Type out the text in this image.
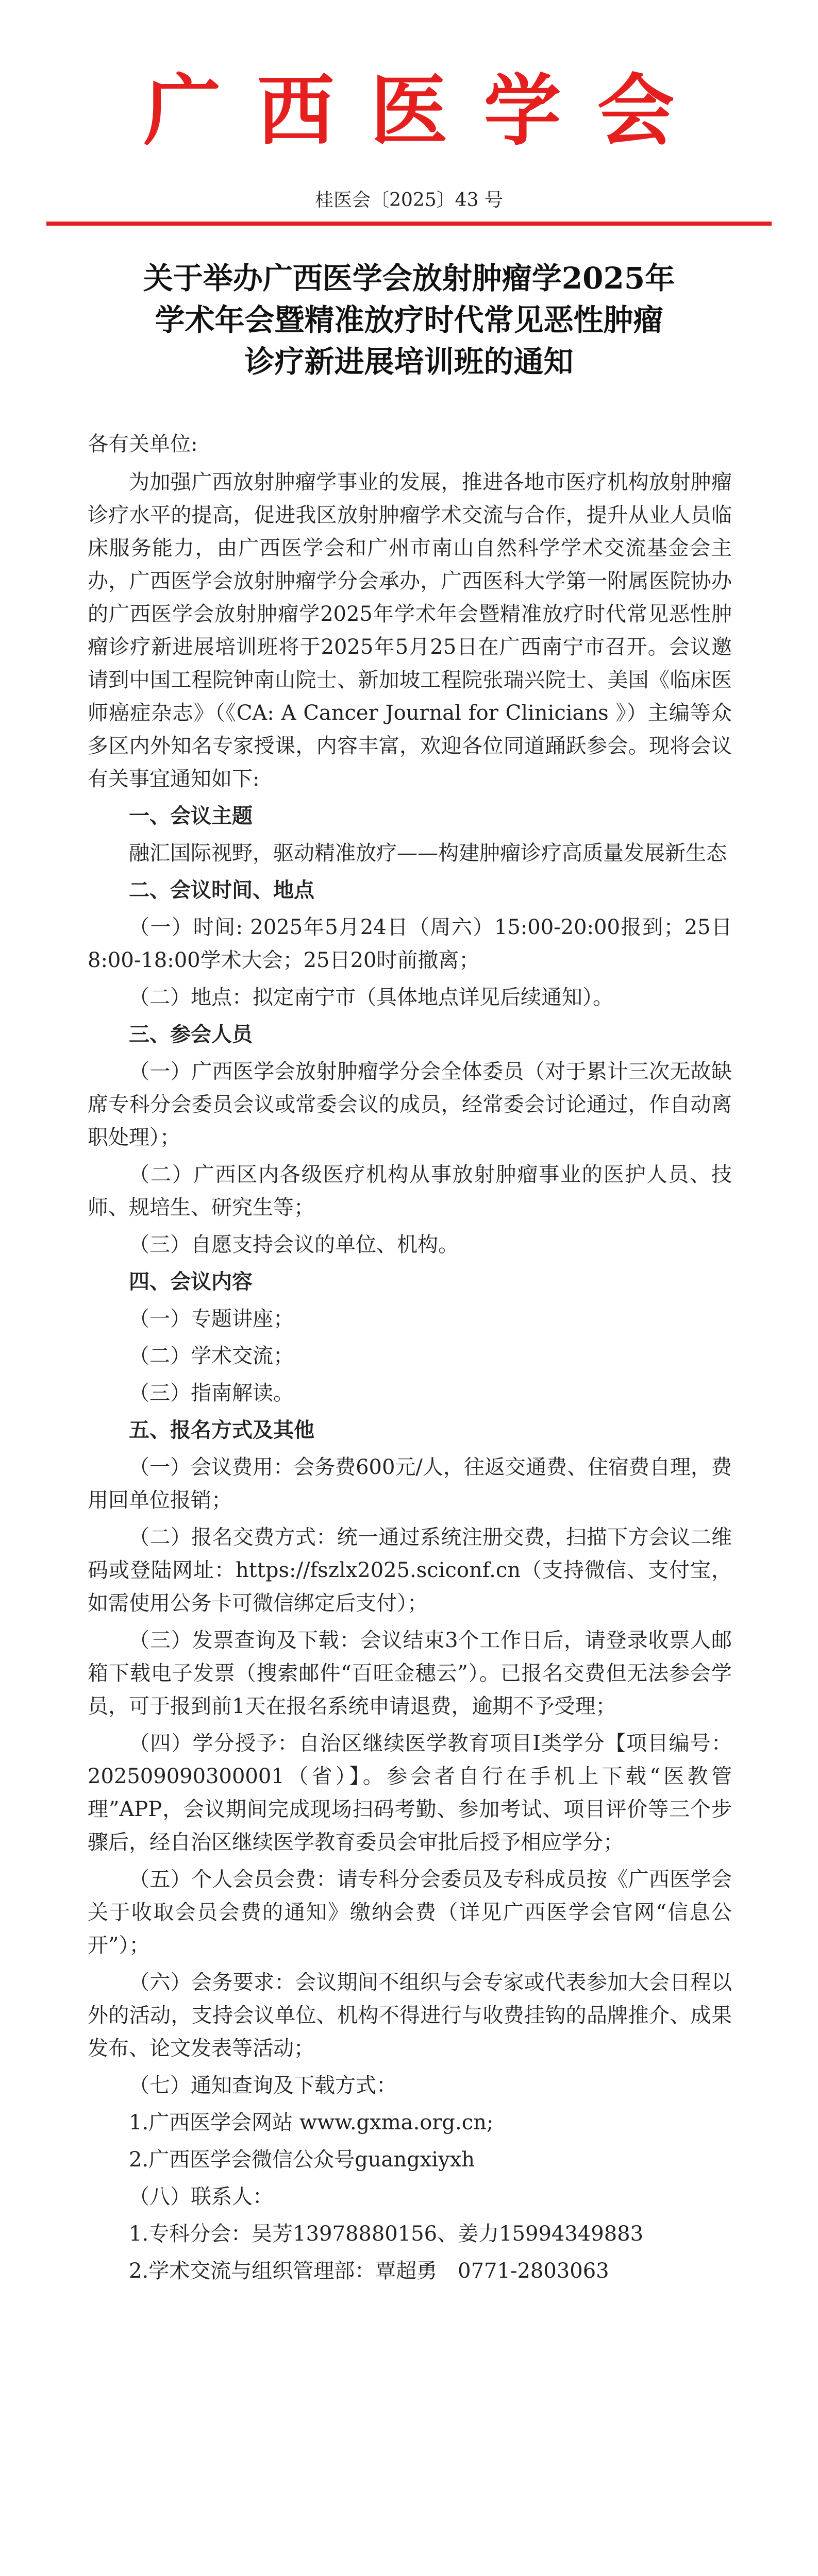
广西医学会
桂医会〔2025〕43 号
关于举办广西医学会放射肿瘤学2025年
学术年会暨精准放疗时代常见恶性肿瘤
诊疗新进展培训班的通知

各有关单位:

为加强广西放射肿瘤学事业的发展，推进各地市医疗机构放射肿瘤诊疗水平的提高，促进我区放射肿瘤学术交流与合作，提升从业人员临床服务能力，由广西医学会和广州市南山自然科学学术交流基金会主办，广西医学会放射肿瘤学分会承办，广西医科大学第一附属医院协办的广西医学会放射肿瘤学2025年学术年会暨精准放疗时代常见恶性肿瘤诊疗新进展培训班将于2025年5月25日在广西南宁市召开。会议邀请到中国工程院钟南山院士、新加坡工程院张瑞兴院士、美国《临床医师癌症杂志》（《CA: A Cancer Journal for Clinicians 》）主编等众多区内外知名专家授课，内容丰富，欢迎各位同道踊跃参会。现将会议有关事宜通知如下:

一、会议主题

融汇国际视野，驱动精准放疗——构建肿瘤诊疗高质量发展新生态

二、会议时间、地点

（一）时间: 2025年5月24日（周六）15:00-20:00报到；25日8:00-18:00学术大会；25日20时前撤离；

（二）地点：拟定南宁市（具体地点详见后续通知）。

三、参会人员

（一）广西医学会放射肿瘤学分会全体委员（对于累计三次无故缺席专科分会委员会议或常委会议的成员，经常委会讨论通过，作自动离职处理）；

（二）广西区内各级医疗机构从事放射肿瘤事业的医护人员、技师、规培生、研究生等；

（三）自愿支持会议的单位、机构。

四、会议内容

（一）专题讲座；

（二）学术交流；

（三）指南解读。

五、报名方式及其他

（一）会议费用：会务费600元/人，往返交通费、住宿费自理，费用回单位报销；

（二）报名交费方式：统一通过系统注册交费，扫描下方会议二维码或登陆网址：https://fszlx2025.sciconf.cn（支持微信、支付宝，如需使用公务卡可微信绑定后支付）；

（三）发票查询及下载：会议结束3个工作日后，请登录收票人邮箱下载电子发票（搜索邮件“百旺金穗云”）。已报名交费但无法参会学员，可于报到前1天在报名系统申请退费，逾期不予受理；

（四）学分授予：自治区继续医学教育项目I类学分【项目编号：202509090300001（省）】。参会者自行在手机上下载“医教管理”APP，会议期间完成现场扫码考勤、参加考试、项目评价等三个步骤后，经自治区继续医学教育委员会审批后授予相应学分；

（五）个人会员会费：请专科分会委员及专科成员按《广西医学会关于收取会员会费的通知》缴纳会费（详见广西医学会官网“信息公开”）；

（六）会务要求：会议期间不组织与会专家或代表参加大会日程以外的活动，支持会议单位、机构不得进行与收费挂钩的品牌推介、成果发布、论文发表等活动；

（七）通知查询及下载方式：

1.广西医学会网站 www.gxma.org.cn;

2.广西医学会微信公众号guangxiyxh

（八）联系人：

1.专科分会：吴芳13978880156、姜力15994349883

2.学术交流与组织管理部：覃超勇　0771-2803063
